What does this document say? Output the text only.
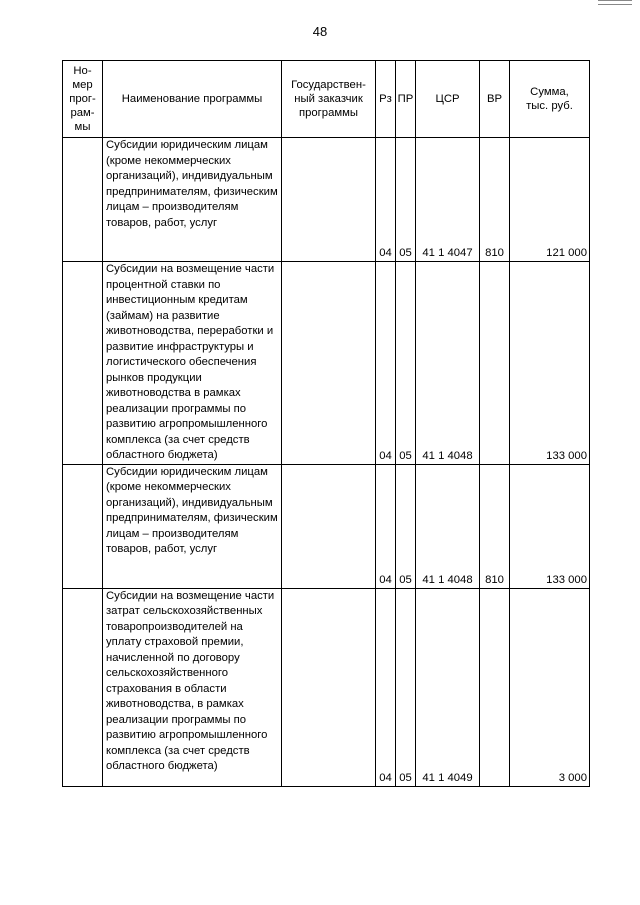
48
Но-
мер
прог-
рам-
мы	Наименование программы	Государствен-ный заказчик программы	Рз	ПР	ЦСР	ВР	Сумма, тыс. руб.
	Субсидии юридическим лицам (кроме некоммерческих организаций), индивидуальным предпринимателям, физическим лицам – производителям товаров, работ, услуг		04	05	41 1 4047	810	121 000
	Субсидии на возмещение части процентной ставки по инвестиционным кредитам (займам) на развитие животноводства, переработки и развитие инфраструктуры и логистического обеспечения рынков продукции животноводства в рамках реализации программы по развитию агропромышленного комплекса (за счет средств областного бюджета)		04	05	41 1 4048		133 000
	Субсидии юридическим лицам (кроме некоммерческих организаций), индивидуальным предпринимателям, физическим лицам – производителям товаров, работ, услуг		04	05	41 1 4048	810	133 000
	Субсидии на возмещение части затрат сельскохозяйственных товаропроизводителей на уплату страховой премии, начисленной по договору сельскохозяйственного страхования в области животноводства, в рамках реализации программы по развитию агропромышленного комплекса (за счет средств областного бюджета)		04	05	41 1 4049		3 000
